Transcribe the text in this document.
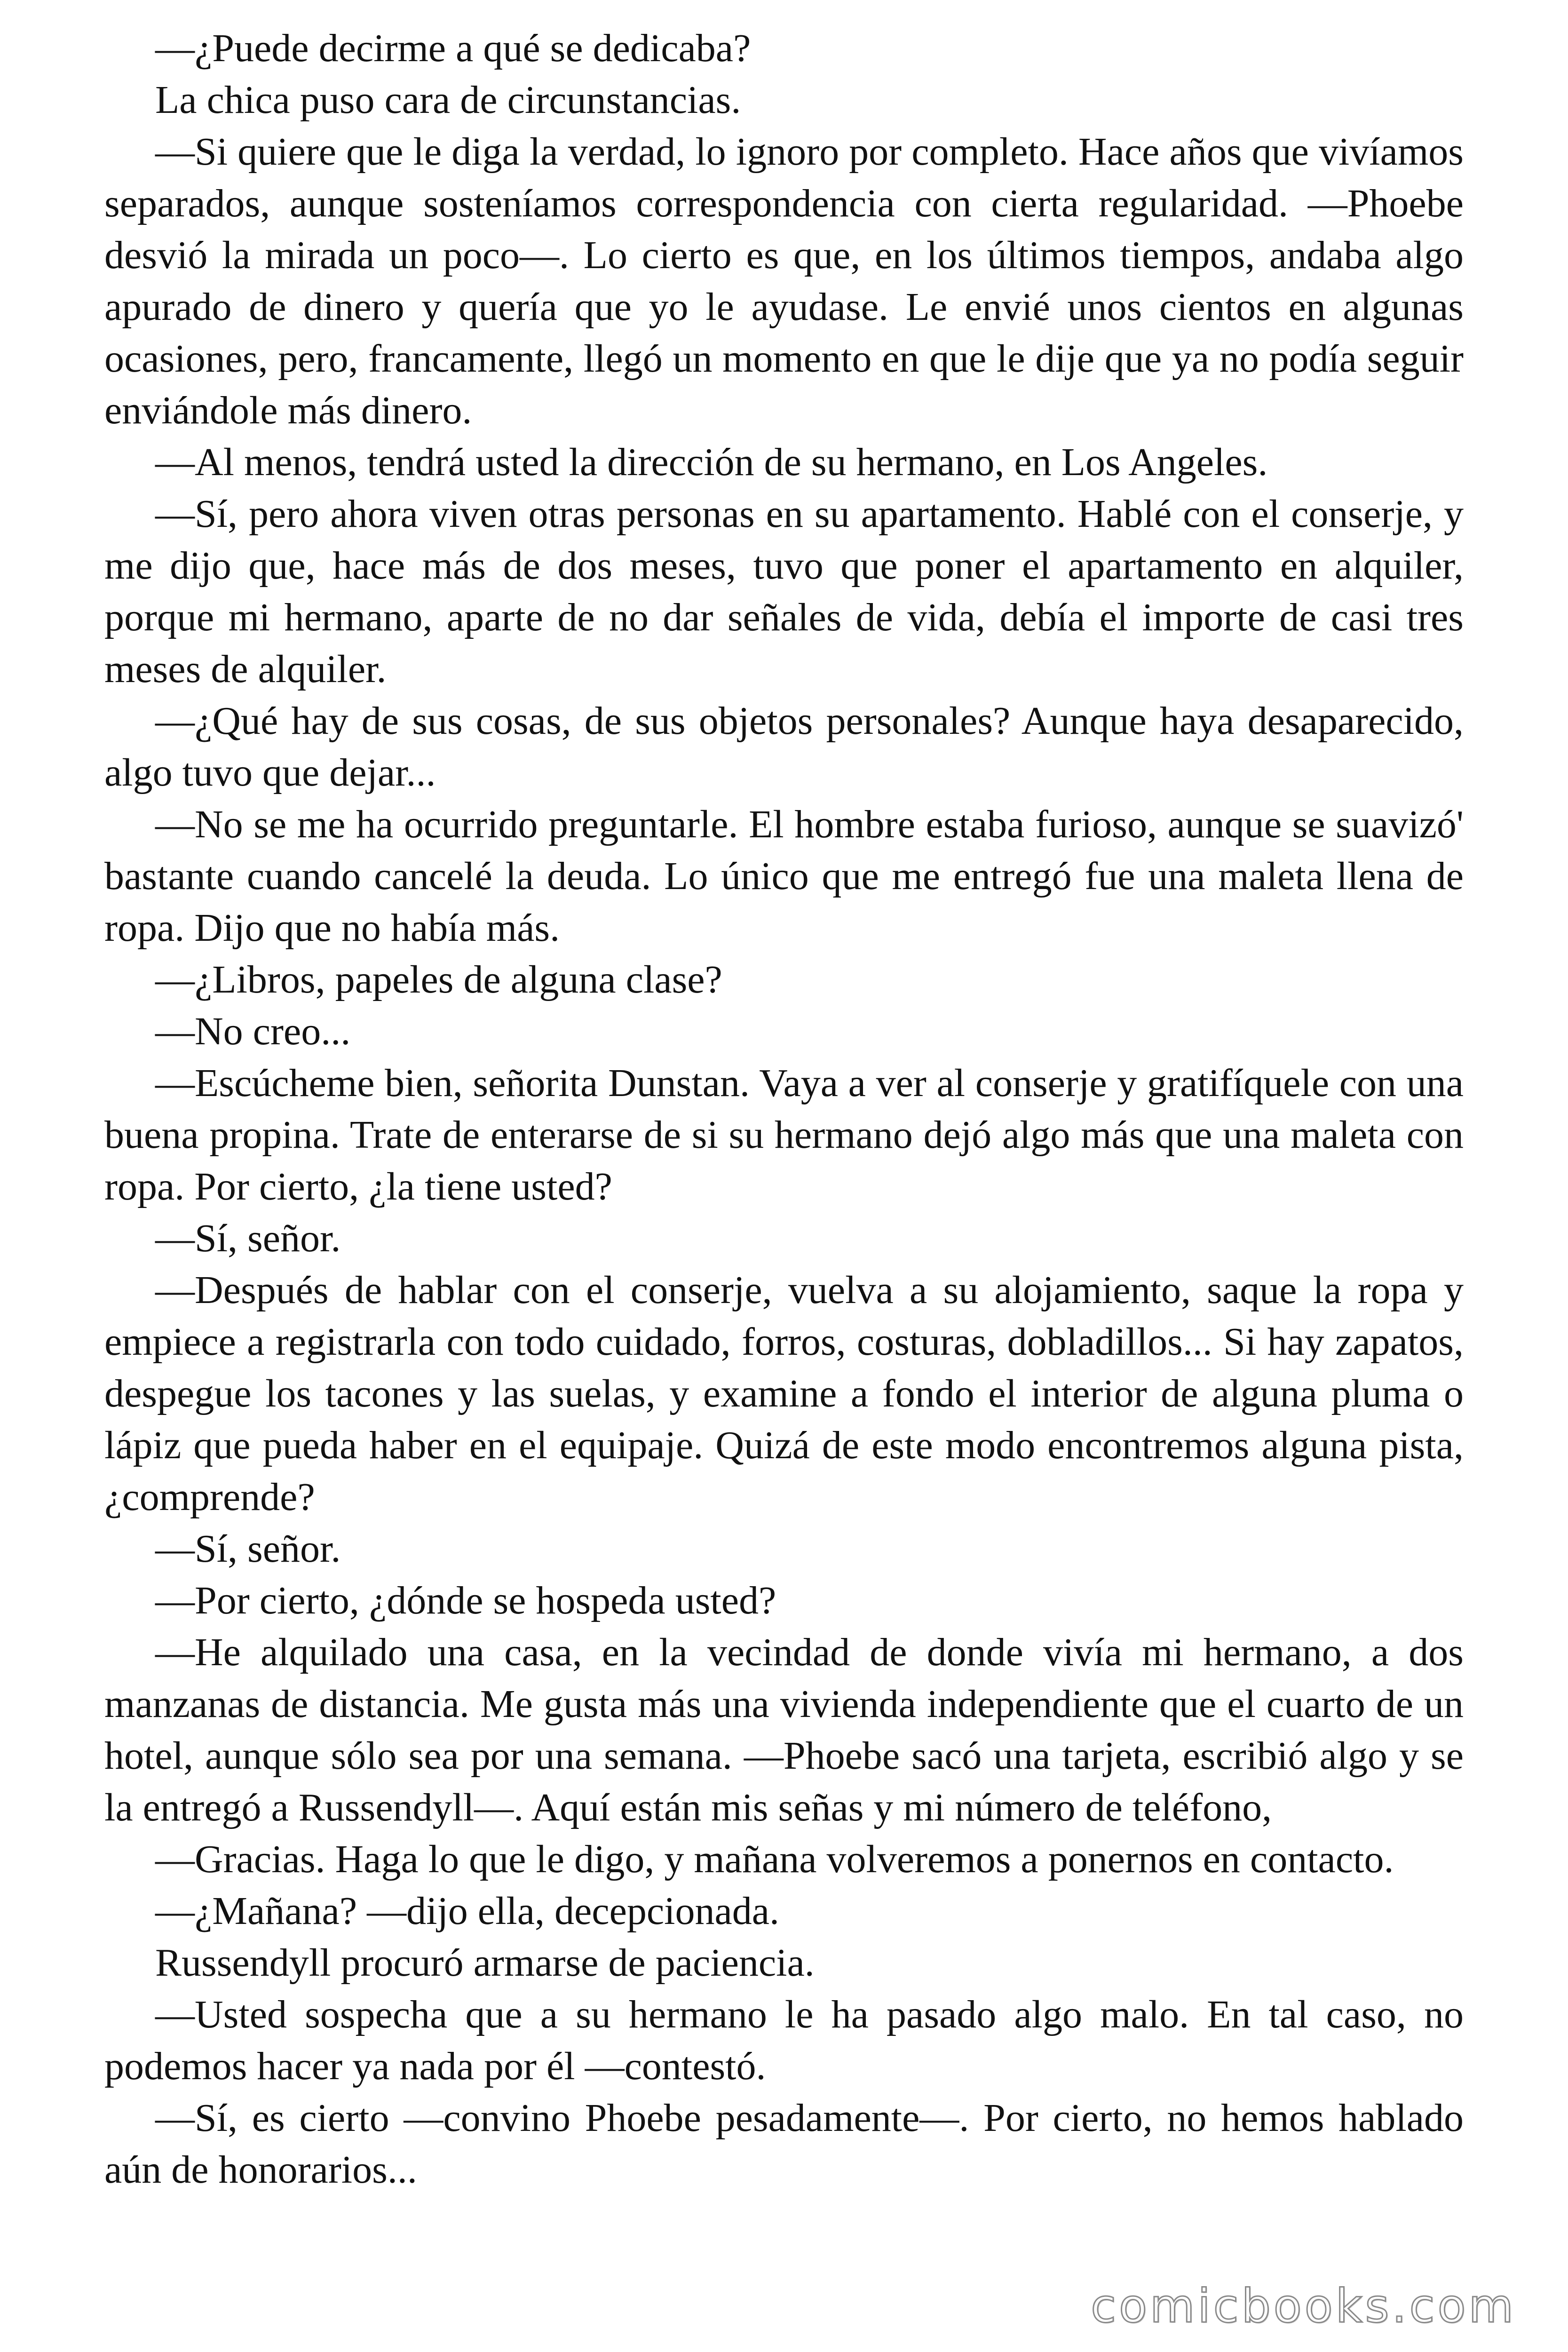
—¿Puede decirme a qué se dedicaba?

La chica puso cara de circunstancias.

—Si quiere que le diga la verdad, lo ignoro por completo. Hace años que vivíamos separados, aunque sosteníamos correspondencia con cierta regularidad. —Phoebe desvió la mirada un poco—. Lo cierto es que, en los últimos tiempos, andaba algo apurado de dinero y quería que yo le ayudase. Le envié unos cientos en algunas ocasiones, pero, francamente, llegó un momento en que le dije que ya no podía seguir enviándole más dinero.

—Al menos, tendrá usted la dirección de su hermano, en Los Angeles.

—Sí, pero ahora viven otras personas en su apartamento. Hablé con el conserje, y me dijo que, hace más de dos meses, tuvo que poner el apartamento en alquiler, porque mi hermano, aparte de no dar señales de vida, debía el importe de casi tres meses de alquiler.

—¿Qué hay de sus cosas, de sus objetos personales? Aunque haya desaparecido, algo tuvo que dejar...

—No se me ha ocurrido preguntarle. El hombre estaba furioso, aunque se suavizó' bastante cuando cancelé la deuda. Lo único que me entregó fue una maleta llena de ropa. Dijo que no había más.

—¿Libros, papeles de alguna clase?

—No creo...

—Escúcheme bien, señorita Dunstan. Vaya a ver al conserje y gratifíquele con una buena propina. Trate de enterarse de si su hermano dejó algo más que una maleta con ropa. Por cierto, ¿la tiene usted?

—Sí, señor.

—Después de hablar con el conserje, vuelva a su alojamiento, saque la ropa y empiece a registrarla con todo cuidado, forros, costuras, dobladillos... Si hay zapatos, despegue los tacones y las suelas, y examine a fondo el interior de alguna pluma o lápiz que pueda haber en el equipaje. Quizá de este modo encontremos alguna pista, ¿comprende?

—Sí, señor.

—Por cierto, ¿dónde se hospeda usted?

—He alquilado una casa, en la vecindad de donde vivía mi hermano, a dos manzanas de distancia. Me gusta más una vivienda independiente que el cuarto de un hotel, aunque sólo sea por una semana. —Phoebe sacó una tarjeta, escribió algo y se la entregó a Russendyll—. Aquí están mis señas y mi número de teléfono,

—Gracias. Haga lo que le digo, y mañana volveremos a ponernos en contacto.

—¿Mañana? —dijo ella, decepcionada.

Russendyll procuró armarse de paciencia.

—Usted sospecha que a su hermano le ha pasado algo malo. En tal caso, no podemos hacer ya nada por él —contestó.

—Sí, es cierto —convino Phoebe pesadamente—. Por cierto, no hemos hablado aún de honorarios...

comicbooks.com
